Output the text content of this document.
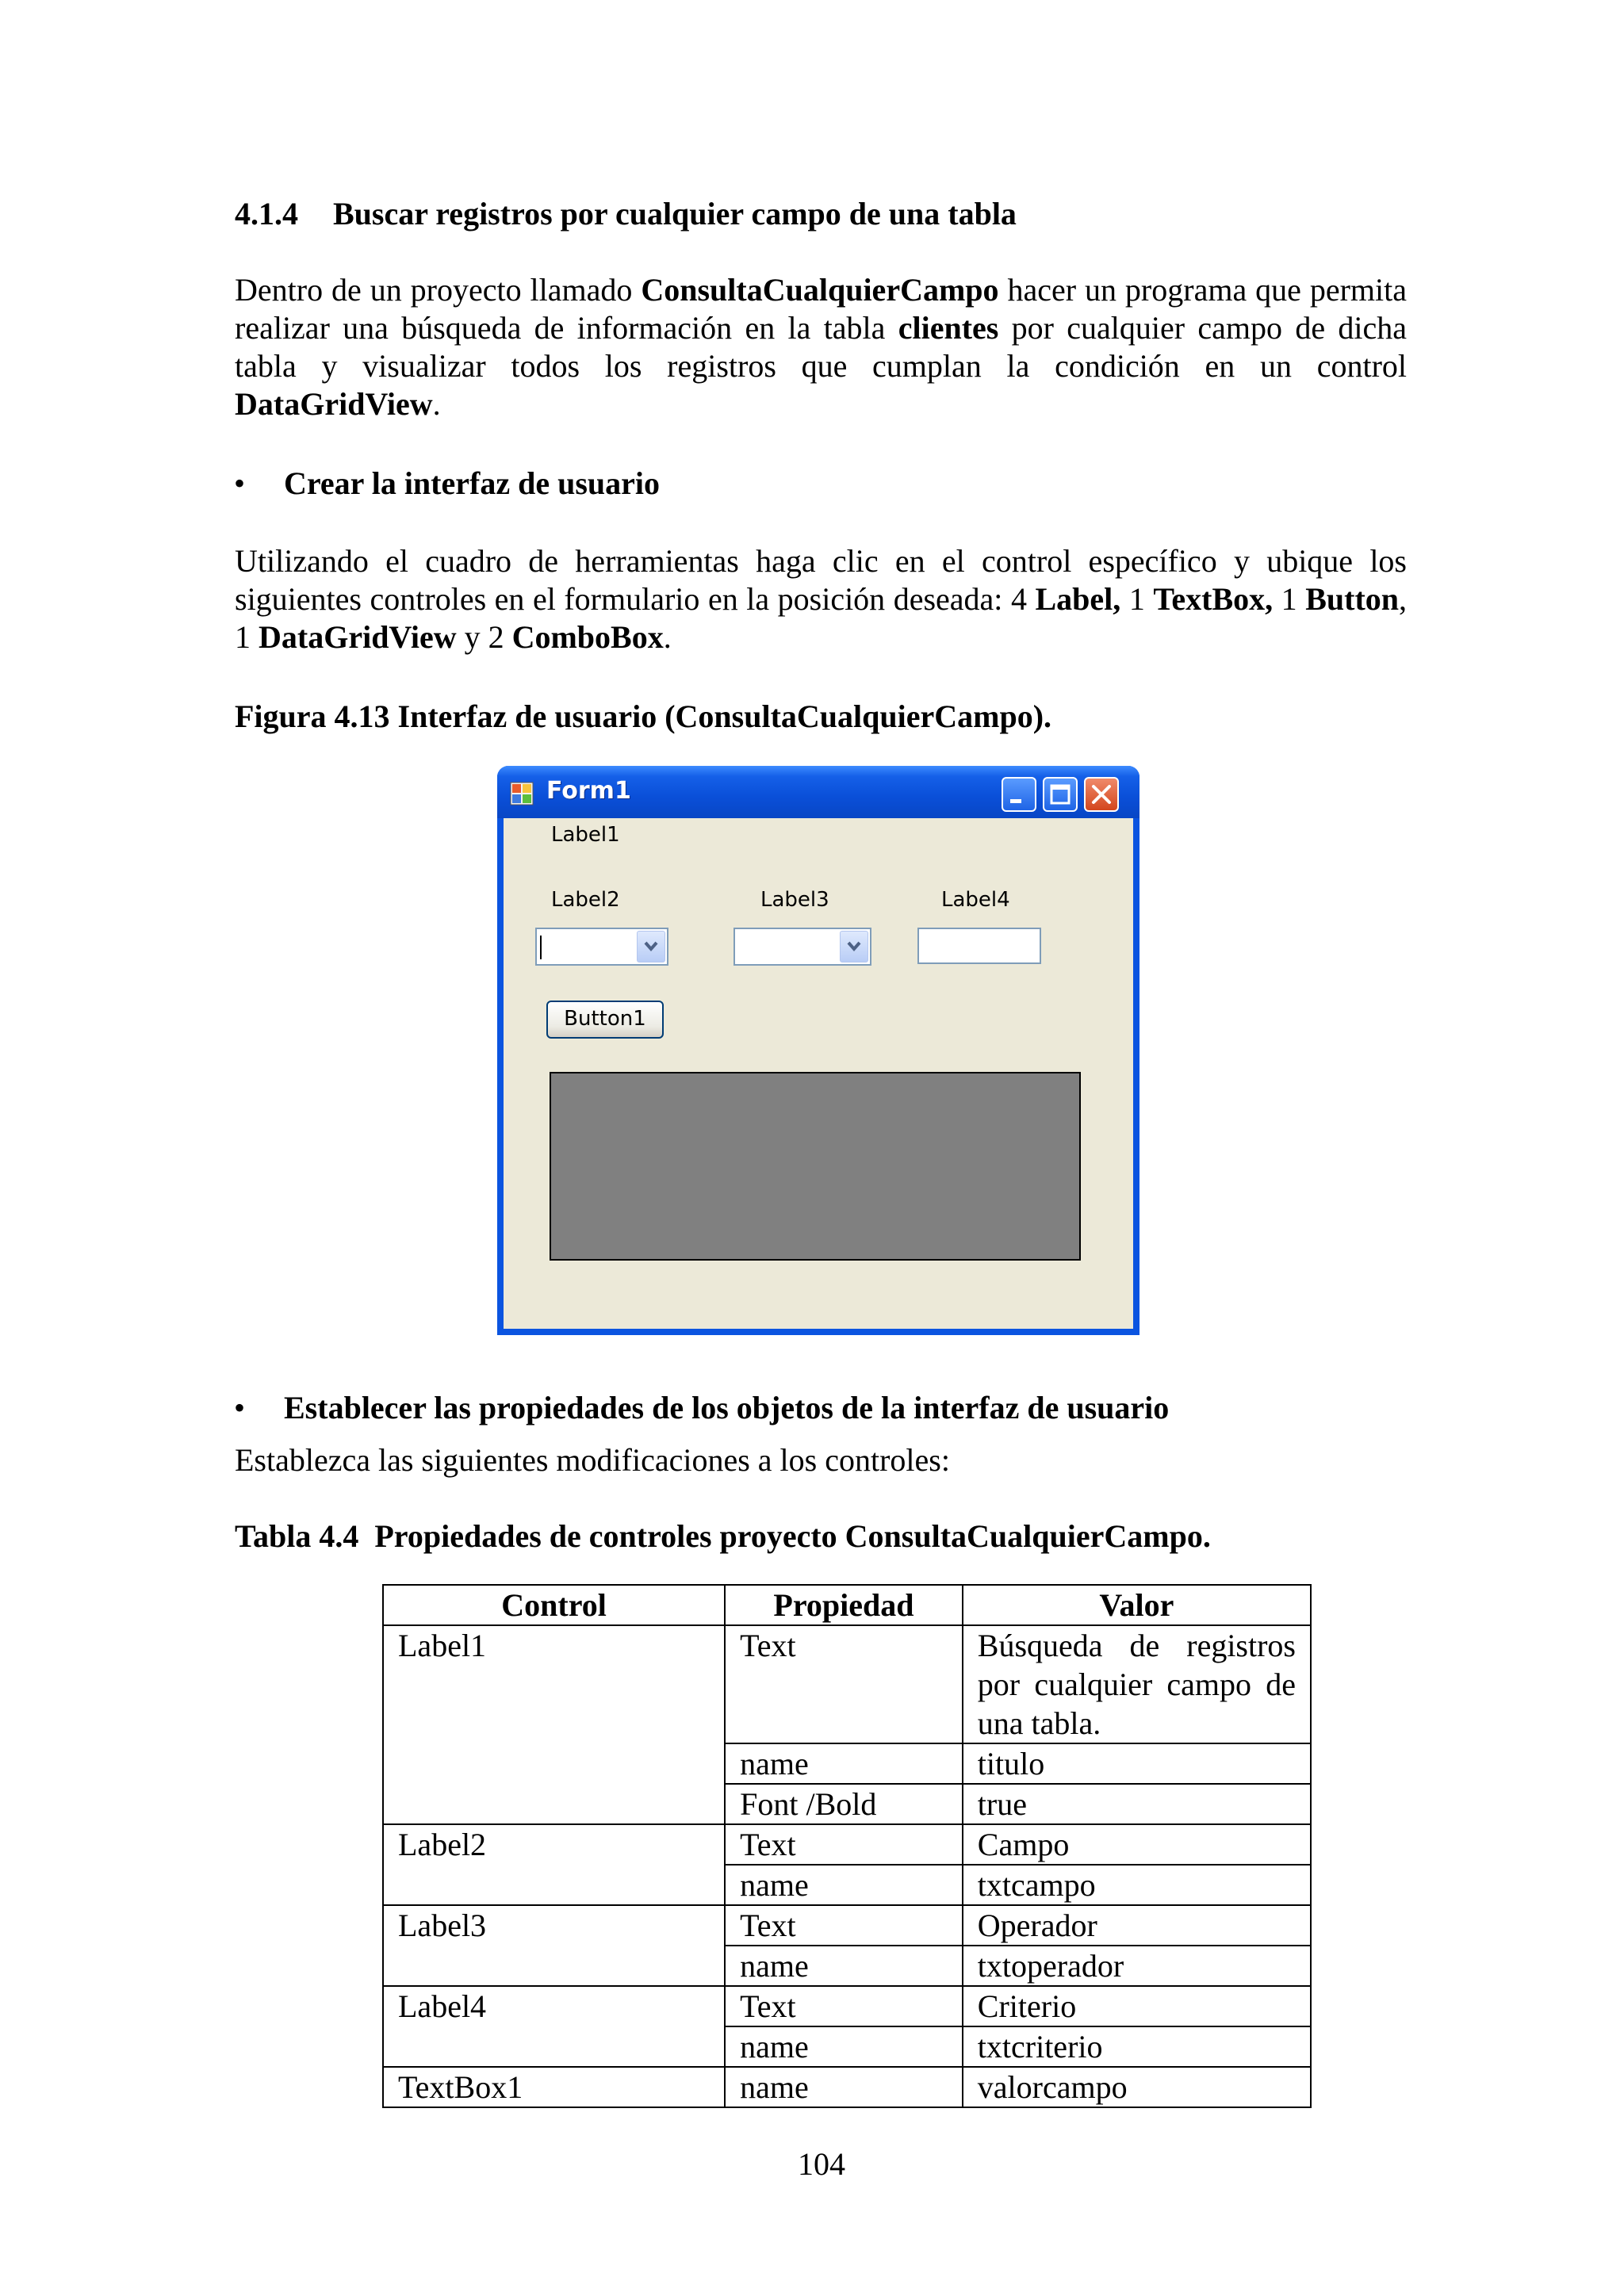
4.1.4 Buscar registros por cualquier campo de una tabla
Dentro de un proyecto llamado ConsultaCualquierCampo hacer un programa que permita realizar una búsqueda de información en la tabla clientes por cualquier campo de dicha tabla y visualizar todos los registros que cumplan la condición en un control DataGridView.
• Crear la interfaz de usuario
Utilizando el cuadro de herramientas haga clic en el control específico y ubique los siguientes controles en el formulario en la posición deseada: 4 Label, 1 TextBox, 1 Button, 1 DataGridView y 2 ComboBox.
Figura 4.13 Interfaz de usuario (ConsultaCualquierCampo).
Form1
Label1
Label2	Label3	Label4
Button1
• Establecer las propiedades de los objetos de la interfaz de usuario
Establezca las siguientes modificaciones a los controles:
Tabla 4.4  Propiedades de controles proyecto ConsultaCualquierCampo.
Control	Propiedad	Valor
Label1	Text	Búsqueda de registros por cualquier campo de una tabla.
	name	titulo
	Font /Bold	true
Label2	Text	Campo
	name	txtcampo
Label3	Text	Operador
	name	txtoperador
Label4	Text	Criterio
	name	txtcriterio
TextBox1	name	valorcampo
104
